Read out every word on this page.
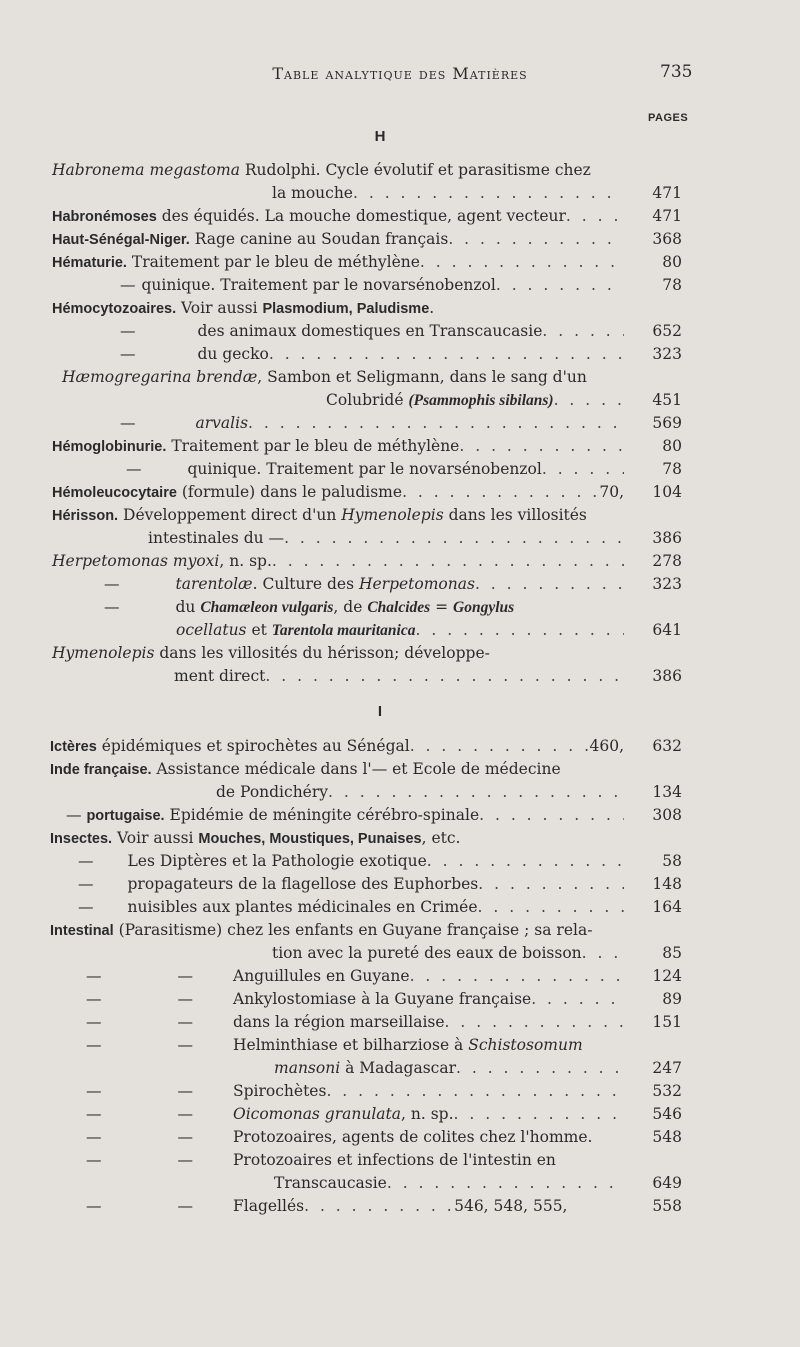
Table analytique des Matières	735
PAGES
H
I
Habronema megastoma Rudolphi. Cycle évolutif et parasitisme chez
la mouche . . .	471
Habronémoses des équidés. La mouche domestique, agent vecteur . . .	471
Haut-Sénégal-Niger. Rage canine au Soudan français . . .	368
Hématurie. Traitement par le bleu de méthylène . . .	80
— quinique. Traitement par le novarsénobenzol . . .	78
Hémocytozoaires. Voir aussi Plasmodium, Paludisme.
—	des animaux domestiques en Transcaucasie . . .	652
—	du gecko . . .	323
Hæmogregarina brendæ, Sambon et Seligmann, dans le sang d'un
Colubridé (Psammophis sibilans) . . .	451
—	arvalis . . .	569
Hémoglobinurie. Traitement par le bleu de méthylène . . .	80
—	quinique. Traitement par le novarsénobenzol . . .	78
Hémoleucocytaire (formule) dans le paludisme . . .	70,	104
Hérisson. Développement direct d'un Hymenolepis dans les villosités
intestinales du — . . .	386
Herpetomonas myoxi, n. sp. . . .	278
—	tarentolæ. Culture des Herpetomonas . . .	323
—	du Chamæleon vulgaris, de Chalcides = Gongylus
ocellatus et Tarentola mauritanica . . .	641
Hymenolepis dans les villosités du hérisson; développe-
ment direct . . .	386
Ictères épidémiques et spirochètes au Sénégal . . .	460,	632
Inde française. Assistance médicale dans l'— et Ecole de médecine
de Pondichéry . . .	134
— portugaise. Epidémie de méningite cérébro-spinale . . .	308
Insectes. Voir aussi Mouches, Moustiques, Punaises, etc.
— Les Diptères et la Pathologie exotique . . .	58
— propagateurs de la flagellose des Euphorbes . . .	148
— nuisibles aux plantes médicinales en Crimée . . .	164
Intestinal (Parasitisme) chez les enfants en Guyane française ; sa rela-
tion avec la pureté des eaux de boisson . . .	85
—	—	Anguillules en Guyane . . .	124
—	—	Ankylostomiase à la Guyane française . . .	89
—	—	dans la région marseillaise . . .	151
—	—	Helminthiase et bilharziose à Schistosomum
mansoni à Madagascar . . .	247
—	—	Spirochètes . . .	532
—	—	Oicomonas granulata, n. sp. . . .	546
—	—	Protozoaires, agents de colites chez l'homme.	548
—	—	Protozoaires et infections de l'intestin en
Transcaucasie . . .	649
—	—	Flagellés . . .	546, 548, 555,	558
